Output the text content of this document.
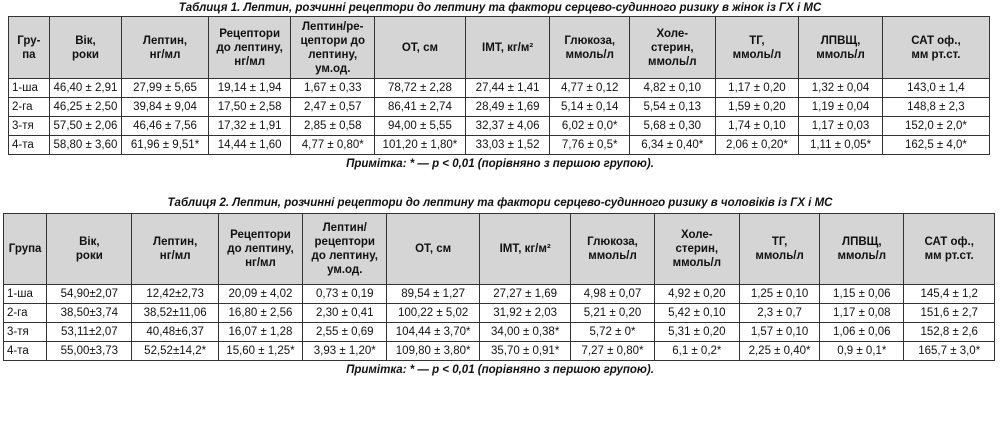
Таблиця 1. Лептин, розчинні рецептори до лептину та фактори серцево-судинного ризику в жінок із ГХ і МС
Гру-
па	Вік,
роки	Лептин,
нг/мл	Рецептори
до лептину,
нг/мл	Лептин/ре-
цептори до
лептину,
ум.од.	ОТ, см	ІМТ, кг/м²	Глюкоза,
ммоль/л	Холе-
стерин,
ммоль/л	ТГ,
ммоль/л	ЛПВЩ,
ммоль/л	САТ оф.,
мм рт.ст.
1-ша	46,40 ± 2,91	27,99 ± 5,65	19,14 ± 1,94	1,67 ± 0,33	78,72 ± 2,28	27,44 ± 1,41	4,77 ± 0,12	4,82 ± 0,10	1,17 ± 0,20	1,32 ± 0,04	143,0 ± 1,4
2-га	46,25 ± 2,50	39,84 ± 9,04	17,50 ± 2,58	2,47 ± 0,57	86,41 ± 2,74	28,49 ± 1,69	5,14 ± 0,14	5,54 ± 0,13	1,59 ± 0,20	1,19 ± 0,04	148,8 ± 2,3
3-тя	57,50 ± 2,06	46,46 ± 7,56	17,32 ± 1,91	2,85 ± 0,58	94,00 ± 5,55	32,37 ± 4,06	6,02 ± 0,0*	5,68 ± 0,30	1,74 ± 0,10	1,17 ± 0,03	152,0 ± 2,0*
4-та	58,80 ± 3,60	61,96 ± 9,51*	14,44 ± 1,60	4,77 ± 0,80*	101,20 ± 1,80*	33,03 ± 1,52	7,76 ± 0,5*	6,34 ± 0,40*	2,06 ± 0,20*	1,11 ± 0,05*	162,5 ± 4,0*
Примітка: * — р < 0,01 (порівняно з першою групою).
Таблиця 2. Лептин, розчинні рецептори до лептину та фактори серцево-судинного ризику в чоловіків із ГХ і МС
Група	Вік,
роки	Лептин,
нг/мл	Рецептори
до лептину,
нг/мл	Лептин/
рецептори
до лептину, ум.од.	ОТ, см	ІМТ, кг/м²	Глюкоза,
ммоль/л	Холе-
стерин,
ммоль/л	ТГ,
ммоль/л	ЛПВЩ,
ммоль/л	САТ оф.,
мм рт.ст.
1-ша	54,90±2,07	12,42±2,73	20,09 ± 4,02	0,73 ± 0,19	89,54 ± 1,27	27,27 ± 1,69	4,98 ± 0,07	4,92 ± 0,20	1,25 ± 0,10	1,15 ± 0,06	145,4 ± 1,2
2-га	38,50±3,74	38,52±11,06	16,80 ± 2,56	2,30 ± 0,41	100,22 ± 5,02	31,92 ± 2,03	5,21 ± 0,20	5,42 ± 0,10	2,3 ± 0,7	1,17 ± 0,08	151,6 ± 2,7
3-тя	53,11±2,07	40,48±6,37	16,07 ± 1,28	2,55 ± 0,69	104,44 ± 3,70*	34,00 ± 0,38*	5,72 ± 0*	5,31 ± 0,20	1,57 ± 0,10	1,06 ± 0,06	152,8 ± 2,6
4-та	55,00±3,73	52,52±14,2*	15,60 ± 1,25*	3,93 ± 1,20*	109,80 ± 3,80*	35,70 ± 0,91*	7,27 ± 0,80*	6,1 ± 0,2*	2,25 ± 0,40*	0,9 ± 0,1*	165,7 ± 3,0*
Примітка: * — р < 0,01 (порівняно з першою групою).
